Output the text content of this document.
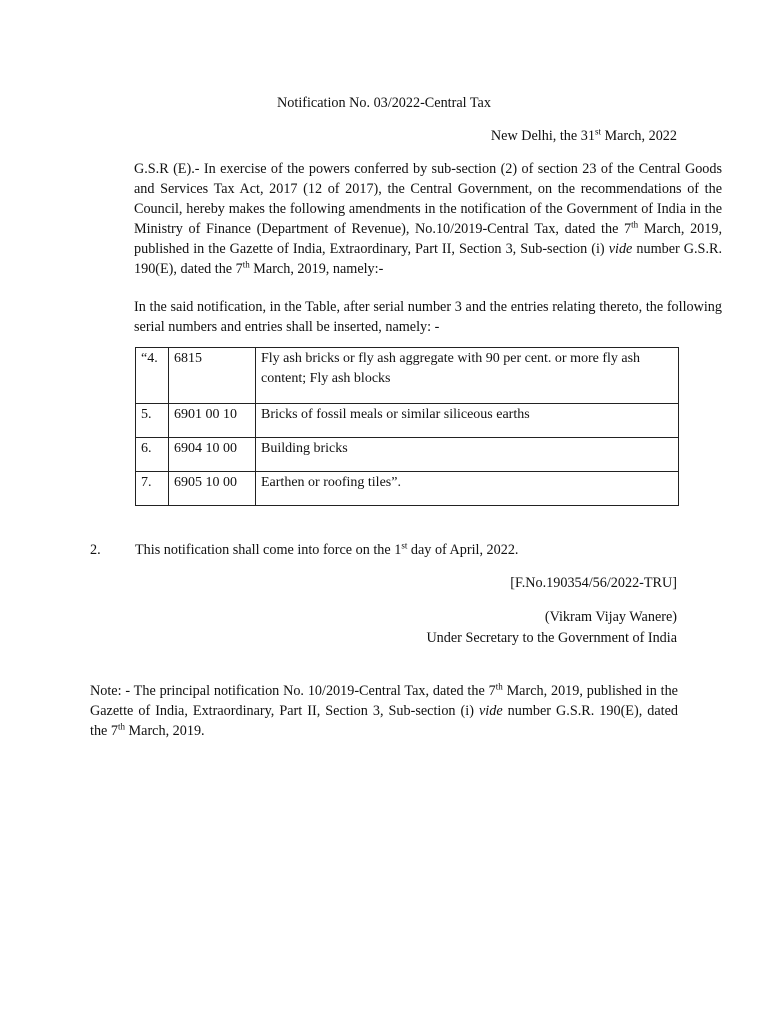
Notification No. 03/2022-Central Tax
New Delhi, the 31st March, 2022

G.S.R (E).- In exercise of the powers conferred by sub-section (2) of section 23 of the Central Goods and Services Tax Act, 2017 (12 of 2017), the Central Government, on the recommendations of the Council, hereby makes the following amendments in the notification of the Government of India in the Ministry of Finance (Department of Revenue), No.10/2019-Central Tax, dated the 7th March, 2019, published in the Gazette of India, Extraordinary, Part II, Section 3, Sub-section (i) vide number G.S.R. 190(E), dated the 7th March, 2019, namely:-

In the said notification, in the Table, after serial number 3 and the entries relating thereto, the following serial numbers and entries shall be inserted, namely: -

“4.	6815	Fly ash bricks or fly ash aggregate with 90 per cent. or more fly ash content; Fly ash blocks
5.	6901 00 10	Bricks of fossil meals or similar siliceous earths
6.	6904 10 00	Building bricks
7.	6905 10 00	Earthen or roofing tiles”.
2. This notification shall come into force on the 1st day of April, 2022.
[F.No.190354/56/2022-TRU]
(Vikram Vijay Wanere)
Under Secretary to the Government of India

Note: - The principal notification No. 10/2019-Central Tax, dated the 7th March, 2019, published in the Gazette of India, Extraordinary, Part II, Section 3, Sub-section (i) vide number G.S.R. 190(E), dated the 7th March, 2019.
